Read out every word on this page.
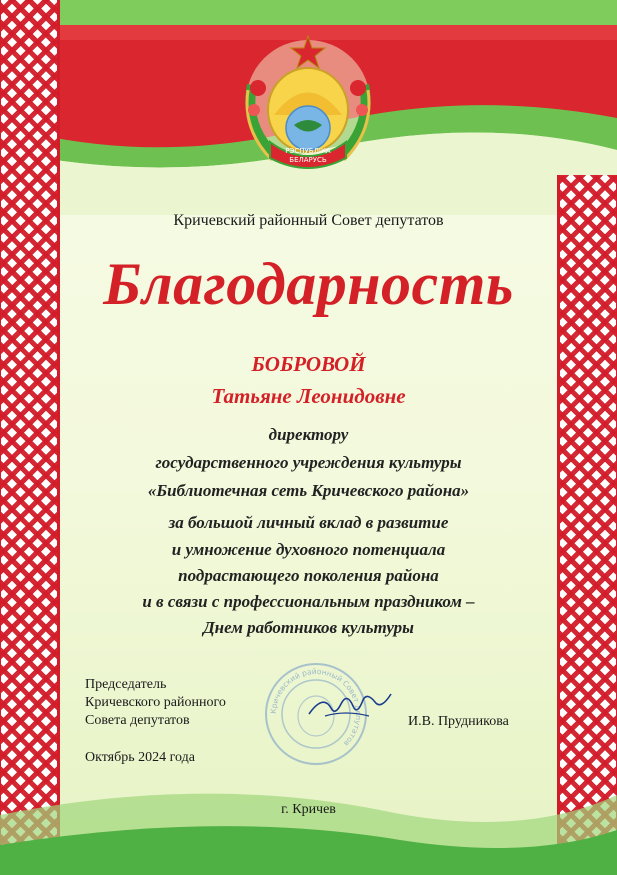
РЭСПУБЛІКА
БЕЛАРУСЬ
Кричевский районный Совет депутатов
Благодарность
БОБРОВОЙ
Татьяне Леонидовне
директору
государственного учреждения культуры
«Библиотечная сеть Кричевского района»
за большой личный вклад в развитие
и умножение духовного потенциала
подрастающего поколения района
и в связи с профессиональным праздником –
Днем работников культуры
Кричевский районный Совет депутатов
Председатель
Кричевского районного
Совета депутатов	И.В. Прудникова
Октябрь 2024 года
г. Кричев
